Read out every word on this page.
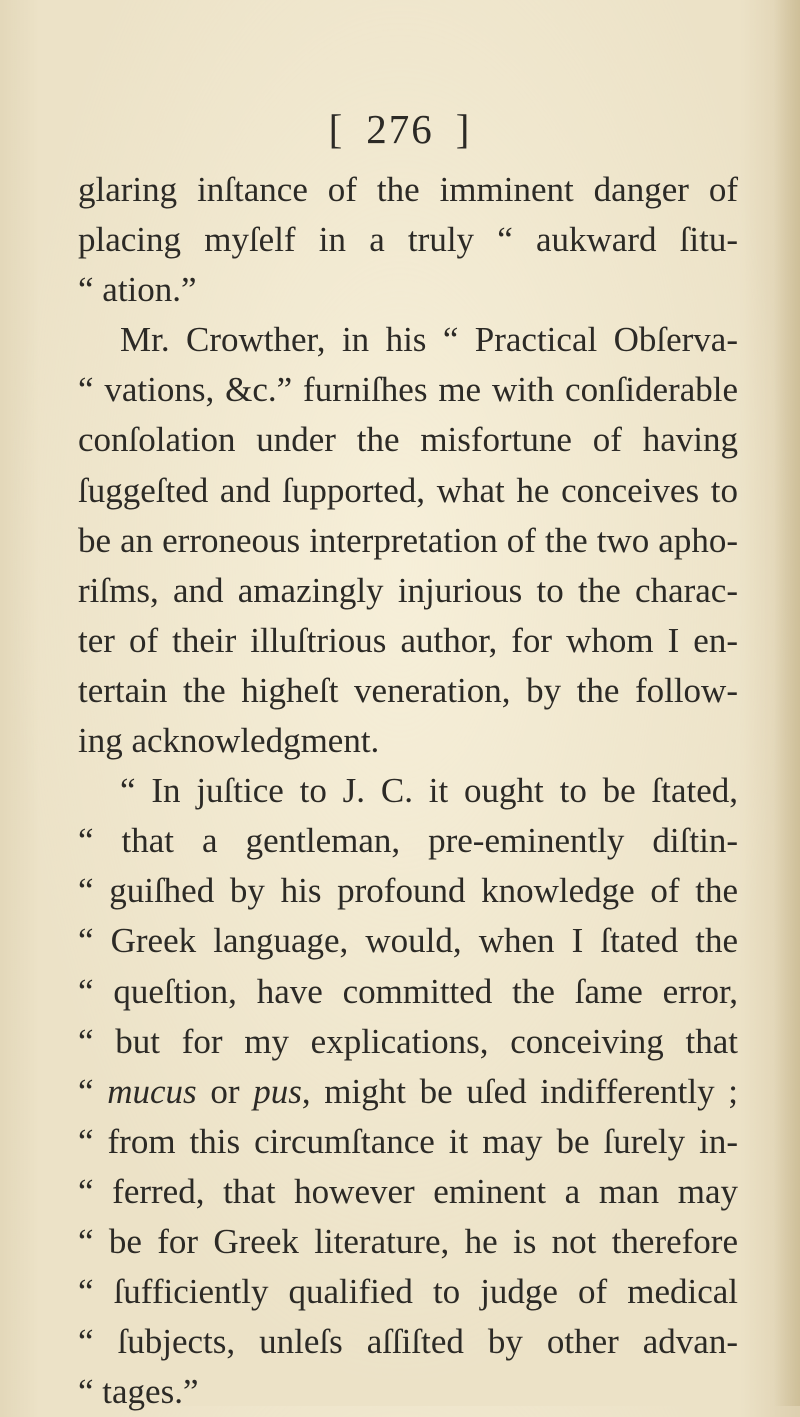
[ 276 ]
glaring inſtance of the imminent danger of
placing myſelf in a truly “ aukward ſitu-
“ ation.”
Mr. Crowther, in his “ Practical Obſerva-
“ vations, &c.” furniſhes me with conſiderable
conſolation under the misfortune of having
ſuggeſted and ſupported, what he conceives to
be an erroneous interpretation of the two apho-
riſms, and amazingly injurious to the charac-
ter of their illuſtrious author, for whom I en-
tertain the higheſt veneration, by the follow-
ing acknowledgment.
“ In juſtice to J. C. it ought to be ſtated,
“ that a gentleman, pre-eminently diſtin-
“ guiſhed by his profound knowledge of the
“ Greek language, would, when I ſtated the
“ queſtion, have committed the ſame error,
“ but for my explications, conceiving that
“ mucus or pus, might be uſed indifferently ;
“ from this circumſtance it may be ſurely in-
“ ferred, that however eminent a man may
“ be for Greek literature, he is not therefore
“ ſufficiently qualified to judge of medical
“ ſubjects, unleſs aſſiſted by other advan-
“ tages.”
